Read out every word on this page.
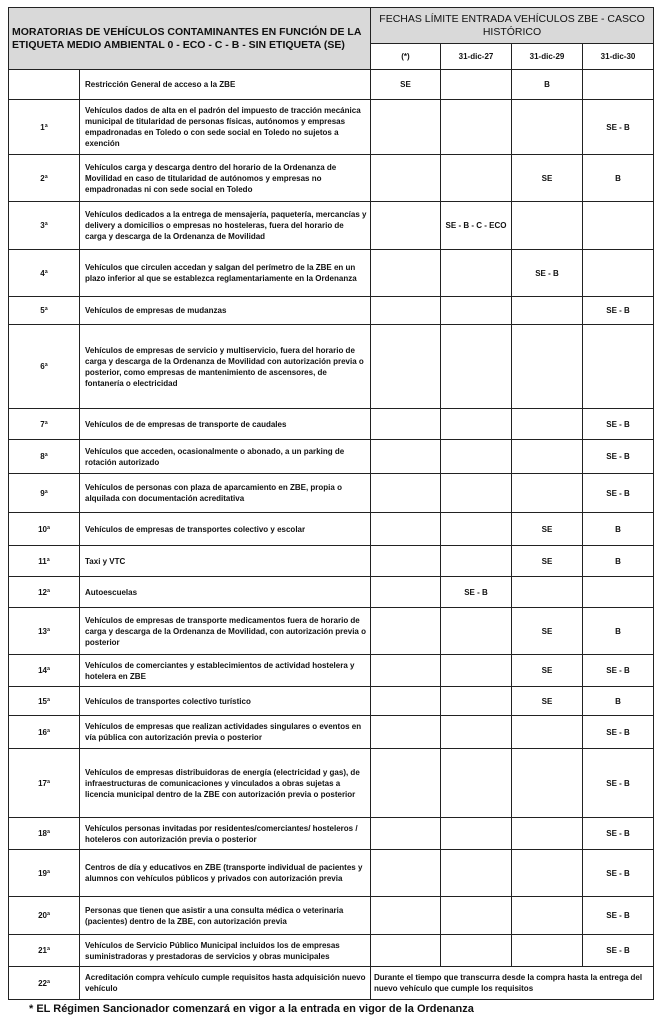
MORATORIAS DE VEHÍCULOS CONTAMINANTES EN FUNCIÓN DE LA ETIQUETA MEDIO AMBIENTAL 0 - ECO - C - B - SIN ETIQUETA (SE)		FECHAS LÍMITE ENTRADA VEHÍCULOS ZBE - CASCO HISTÓRICO			
		(*)	31-dic-27	31-dic-29	31-dic-30
	Restricción General de acceso a la ZBE	SE		B	
1ª	Vehículos dados de alta en el padrón del impuesto de tracción mecánica municipal de titularidad de personas físicas, autónomos y empresas empadronadas en Toledo o con sede social en Toledo no sujetos a exención				SE - B
2ª	Vehículos carga y descarga dentro del horario de la Ordenanza de Movilidad en caso de titularidad de autónomos y empresas no empadronadas ni con sede social en Toledo			SE	B
3ª	Vehículos dedicados a la entrega de mensajería, paquetería, mercancías y delivery a domicilios o empresas no hosteleras, fuera del horario de carga y descarga de la Ordenanza de Movilidad		SE - B - C - ECO		
4ª	Vehículos que circulen accedan y salgan del perímetro de la ZBE en un plazo inferior al que se establezca reglamentariamente en la Ordenanza			SE - B	
5ª	Vehículos de empresas de mudanzas				SE - B
6ª	Vehículos de empresas de servicio y multiservicio, fuera del horario de carga y descarga de la Ordenanza de Movilidad con autorización previa o posterior, como empresas de mantenimiento de ascensores, de fontanería o electricidad				
7ª	Vehículos de de empresas de transporte de caudales				SE - B
8ª	Vehículos que acceden, ocasionalmente o abonado, a un parking de rotación autorizado				SE - B
9ª	Vehículos de personas con plaza de aparcamiento en ZBE, propia o alquilada con documentación acreditativa				SE - B
10ª	Vehículos de empresas de transportes colectivo y escolar			SE	B
11ª	Taxi y VTC			SE	B
12ª	Autoescuelas		SE - B		
13ª	Vehículos de empresas de transporte medicamentos fuera de horario de carga y descarga de la Ordenanza de Movilidad, con autorización previa o posterior			SE	B
14ª	Vehículos de comerciantes y establecimientos de actividad hostelera y hotelera en ZBE			SE	SE - B
15ª	Vehículos de transportes colectivo turístico			SE	B
16ª	Vehículos de empresas que realizan actividades singulares o eventos en vía pública con autorización previa o posterior				SE - B
17ª	Vehículos de empresas distribuidoras de energía (electricidad y gas), de infraestructuras de comunicaciones y vinculados a obras sujetas a licencia municipal dentro de la ZBE con autorización previa o posterior				SE - B
18ª	Vehículos personas invitadas por residentes/comerciantes/ hosteleros / hoteleros con autorización previa o posterior				SE - B
19ª	Centros de día y educativos en ZBE (transporte individual de pacientes y alumnos con vehículos públicos y privados con autorización previa				SE - B
20ª	Personas que tienen que asistir a una consulta médica o veterinaria (pacientes) dentro de la ZBE, con autorización previa				SE - B
21ª	Vehículos de Servicio Público Municipal incluidos los de empresas suministradoras y prestadoras de servicios y obras municipales				SE - B
22ª	Acreditación compra vehículo cumple requisitos hasta adquisición nuevo vehículo	Durante el tiempo que transcurra desde la compra hasta la entrega del nuevo vehículo que cumple los requisitos			
* EL Régimen Sancionador comenzará en vigor a la entrada en vigor de la Ordenanza
